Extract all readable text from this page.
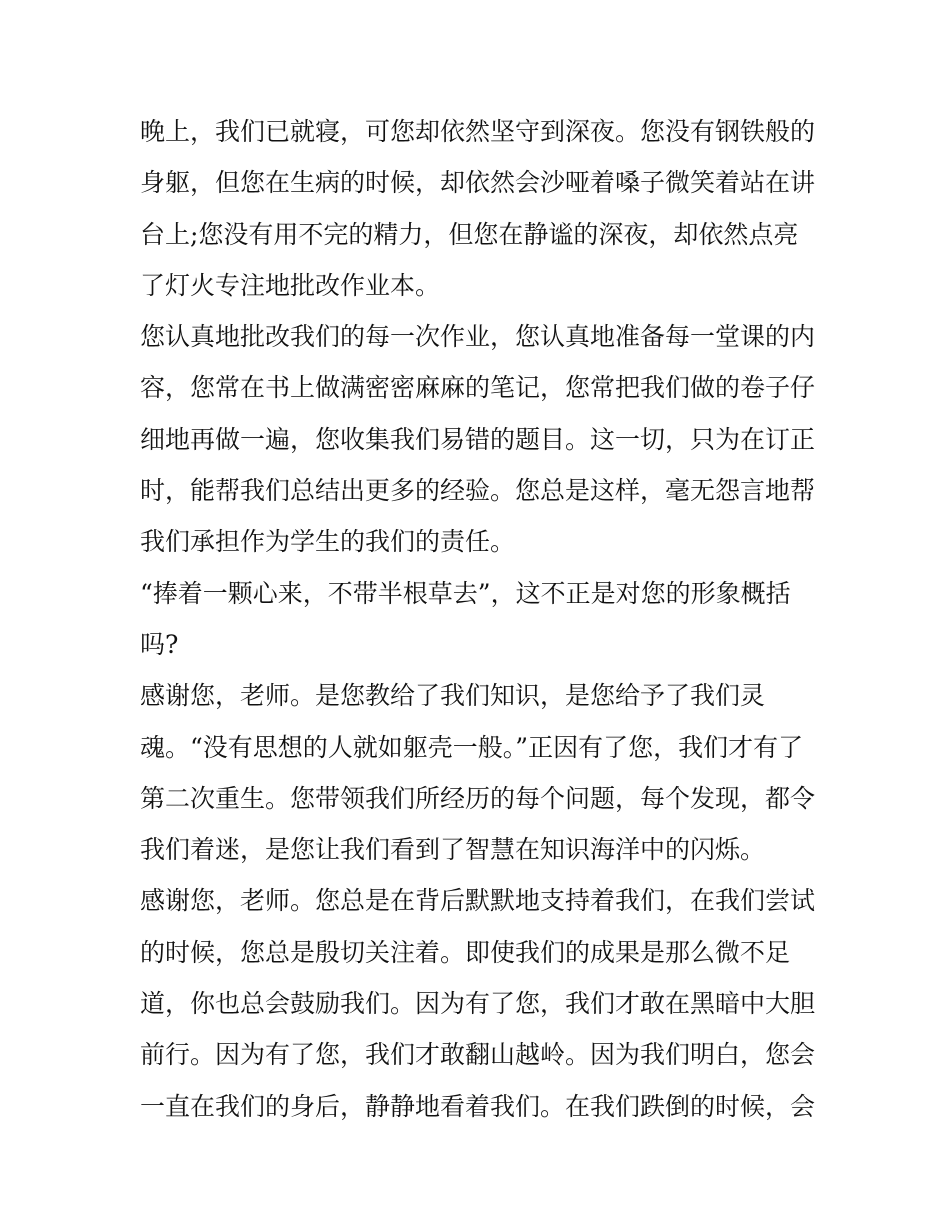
晚上，我们已就寝，可您却依然坚守到深夜。您没有钢铁般的
身躯，但您在生病的时候，却依然会沙哑着嗓子微笑着站在讲
台上;您没有用不完的精力，但您在静谧的深夜，却依然点亮
了灯火专注地批改作业本。
您认真地批改我们的每一次作业，您认真地准备每一堂课的内
容，您常在书上做满密密麻麻的笔记，您常把我们做的卷子仔
细地再做一遍，您收集我们易错的题目。这一切，只为在订正
时，能帮我们总结出更多的经验。您总是这样，毫无怨言地帮
我们承担作为学生的我们的责任。
“捧着一颗心来，不带半根草去”，这不正是对您的形象概括
吗?
感谢您，老师。是您教给了我们知识，是您给予了我们灵
魂。“没有思想的人就如躯壳一般。”正因有了您，我们才有了
第二次重生。您带领我们所经历的每个问题，每个发现，都令
我们着迷，是您让我们看到了智慧在知识海洋中的闪烁。
感谢您，老师。您总是在背后默默地支持着我们，在我们尝试
的时候，您总是殷切关注着。即使我们的成果是那么微不足
道，你也总会鼓励我们。因为有了您，我们才敢在黑暗中大胆
前行。因为有了您，我们才敢翻山越岭。因为我们明白，您会
一直在我们的身后，静静地看着我们。在我们跌倒的时候，会
